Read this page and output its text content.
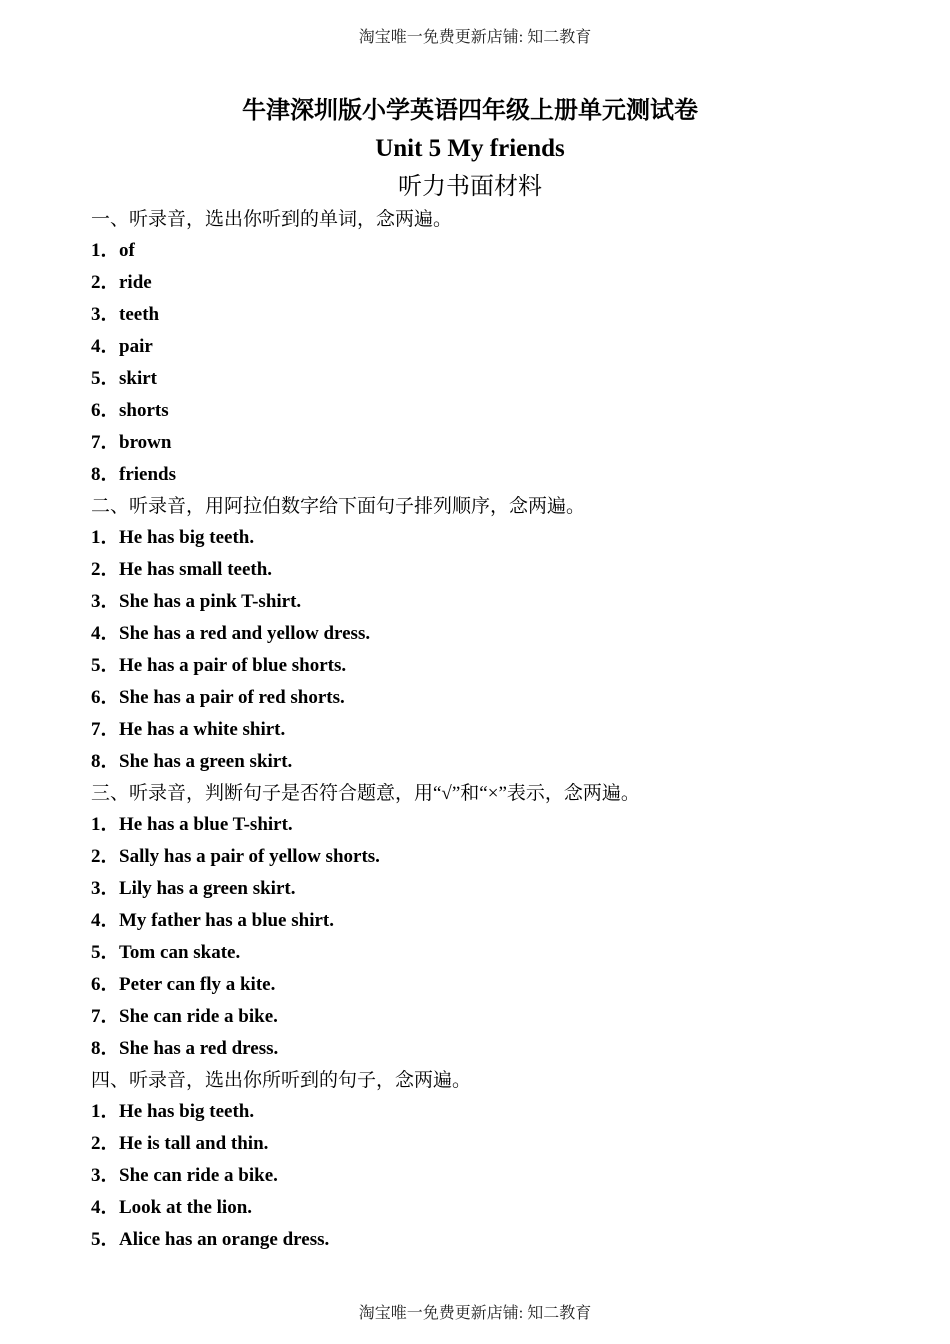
淘宝唯一免费更新店铺: 知二教育
牛津深圳版小学英语四年级上册单元测试卷
Unit 5 My friends
听力书面材料
一、听录音，选出你听到的单词，念两遍。
1．of
2．ride
3．teeth
4．pair
5．skirt
6．shorts
7．brown
8．friends
二、听录音，用阿拉伯数字给下面句子排列顺序，念两遍。
1．He has big teeth.
2．He has small teeth.
3．She has a pink T-shirt.
4．She has a red and yellow dress.
5．He has a pair of blue shorts.
6．She has a pair of red shorts.
7．He has a white shirt.
8．She has a green skirt.
三、听录音，判断句子是否符合题意，用“√”和“×”表示，念两遍。
1．He has a blue T-shirt.
2．Sally has a pair of yellow shorts.
3．Lily has a green skirt.
4．My father has a blue shirt.
5．Tom can skate.
6．Peter can fly a kite.
7．She can ride a bike.
8．She has a red dress.
四、听录音，选出你所听到的句子，念两遍。
1．He has big teeth.
2．He is tall and thin.
3．She can ride a bike.
4．Look at the lion.
5．Alice has an orange dress.
淘宝唯一免费更新店铺: 知二教育
